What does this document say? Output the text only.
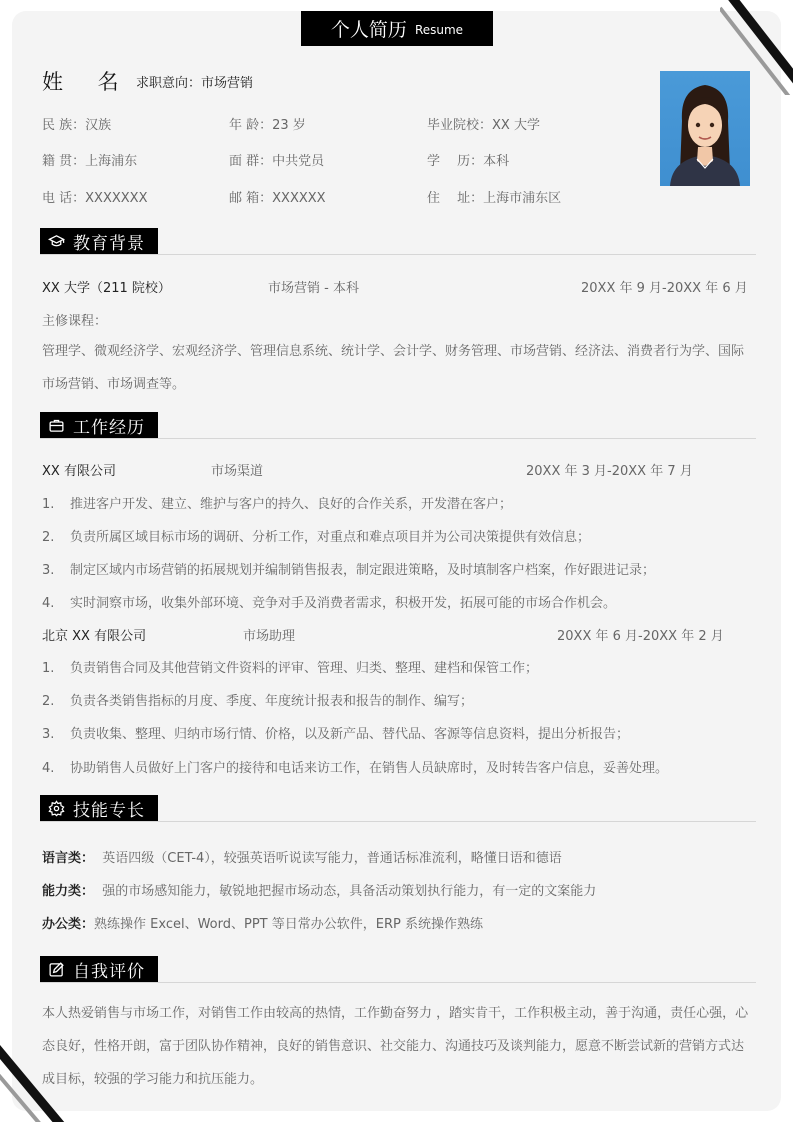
个人简历 Resume
姓 名 求职意向：市场营销
民 族：汉族	年 龄：23 岁	毕业院校：XX 大学
籍 贯：上海浦东	面 群：中共党员	学　 历：本科
电 话：XXXXXXX	邮 箱：XXXXXX	住　 址：上海市浦东区
教育背景
XX 大学（211 院校）	市场营销 - 本科	20XX 年 9 月-20XX 年 6 月
主修课程：
管理学、微观经济学、宏观经济学、管理信息系统、统计学、会计学、财务管理、市场营销、经济法、消费者行为学、国际市场营销、市场调查等。
工作经历
XX 有限公司	市场渠道	20XX 年 3 月-20XX 年 7 月
1. 推进客户开发、建立、维护与客户的持久、良好的合作关系，开发潜在客户；
2. 负责所属区域目标市场的调研、分析工作，对重点和难点项目并为公司决策提供有效信息；
3. 制定区域内市场营销的拓展规划并编制销售报表，制定跟进策略，及时填制客户档案，作好跟进记录；
4. 实时洞察市场，收集外部环境、竞争对手及消费者需求，积极开发，拓展可能的市场合作机会。
北京 XX 有限公司	市场助理	20XX 年 6 月-20XX 年 2 月
1. 负责销售合同及其他营销文件资料的评审、管理、归类、整理、建档和保管工作；
2. 负责各类销售指标的月度、季度、年度统计报表和报告的制作、编写；
3. 负责收集、整理、归纳市场行情、价格，以及新产品、替代品、客源等信息资料，提出分析报告；
4. 协助销售人员做好上门客户的接待和电话来访工作，在销售人员缺席时，及时转告客户信息，妥善处理。
技能专长
语言类： 英语四级（CET-4），较强英语听说读写能力，普通话标准流利，略懂日语和德语
能力类： 强的市场感知能力，敏锐地把握市场动态，具备活动策划执行能力，有一定的文案能力
办公类：熟练操作 Excel、Word、PPT 等日常办公软件，ERP 系统操作熟练
自我评价
本人热爱销售与市场工作，对销售工作由较高的热情，工作勤奋努力 ，踏实肯干，工作积极主动，善于沟通，责任心强，心态良好，性格开朗，富于团队协作精神，良好的销售意识、社交能力、沟通技巧及谈判能力，愿意不断尝试新的营销方式达成目标，较强的学习能力和抗压能力。
